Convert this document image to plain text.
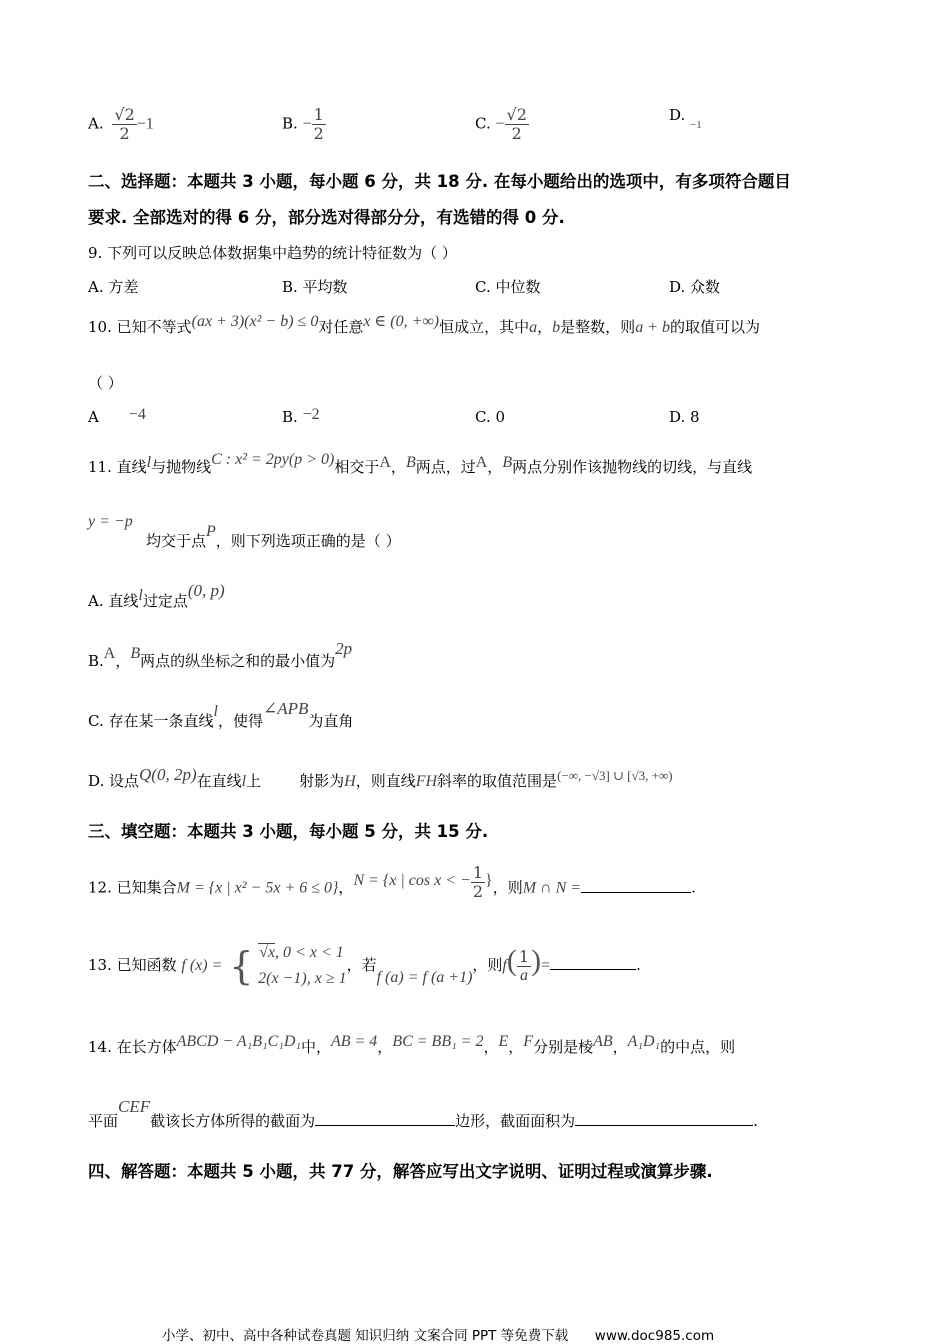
A. $\frac{√2}{2} -1$	B. − $\frac{1}{2}$	C. − $\frac{√2}{2}$	D. $_{-1}$
二、选择题：本题共 3 小题，每小题 6 分，共 18 分. 在每小题给出的选项中，有多项符合题目
要求. 全部选对的得 6 分，部分选对得部分分，有选错的得 0 分.
9. 下列可以反映总体数据集中趋势的统计特征数为（ ）
A. 方差	B. 平均数	C. 中位数	D. 众数
10. 已知不等式(ax + 3)(x² − b) ≤ 0对任意x ∈ (0, +∞)恒成立，其中a，b是整数，则a + b的取值可以为
（ ）
A −4	B. −2	C. 0	D. 8
11. 直线l与抛物线C : x² = 2py(p > 0)相交于A，B两点，过A，B两点分别作该抛物线的切线，与直线
y = −p
均交于点P，则下列选项正确的是（ ）
A. 直线l过定点(0, p)
B.A，B两点的纵坐标之和的最小值为2p
C. 存在某一条直线l，使得∠APB为直角
D. 设点Q(0, 2p)在直线l上	射影为H，则直线FH斜率的取值范围是(−∞, −√3] ∪ [√3, +∞)
三、填空题：本题共 3 小题，每小题 5 分，共 15 分.
12. 已知集合M = {x | x² − 5x + 6 ≤ 0}，N = {x | cos x < − $\frac{1}{2}$ }，则M ∩ N =	.
13. 已知函数 f (x) = { √x, 0 < x < 1
2(x −1), x ≥ 1
，若f (a) = f (a +1)，则$f( \frac{1}{a}$ )=	.
14. 在长方体ABCD − A₁B₁C₁D₁中，AB = 4，BC = BB₁ = 2，E，F分别是棱AB，A₁D₁的中点，则
平面CEF截该长方体所得的截面为	边形，截面面积为	.
四、解答题：本题共 5 小题，共 77 分，解答应写出文字说明、证明过程或演算步骤.
小学、初中、高中各种试卷真题 知识归纳 文案合同 PPT 等免费下载 www.doc985.com
